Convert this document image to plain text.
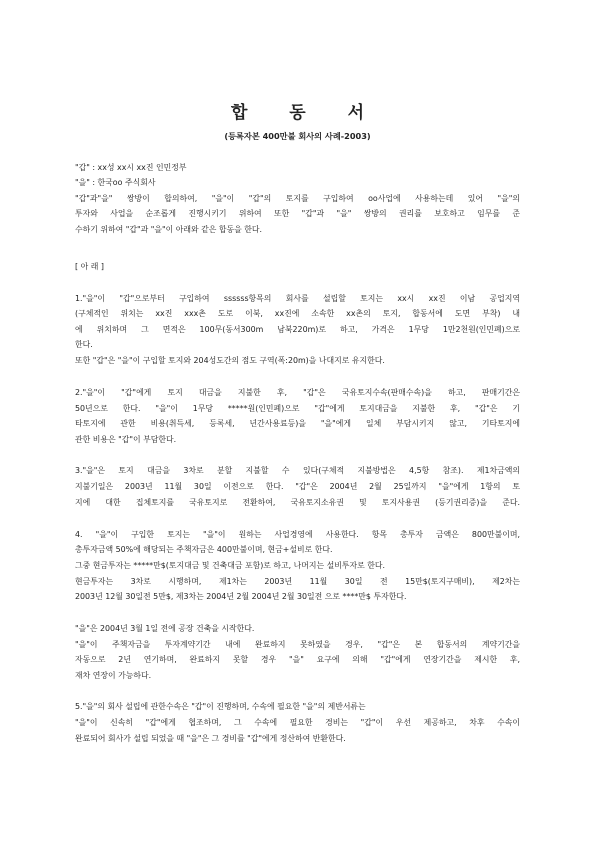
합 동 서
(등록자본 400만불 회사의 사례-2003)
"갑" : xx성 xx시 xx진 인민정부
"을" : 한국oo 주식회사
"갑"과"을" 쌍방이 합의하여, "을"이 "갑"의 토지를 구입하여 oo사업에 사용하는데 있어 "을"의
투자와 사업을 순조롭게 진행시키기 위하여 또한 "갑"과 "을" 쌍방의 권리를 보호하고 임무를 준
수하기 위하여 "갑"과 "을"이 아래와 같은 합동을 한다.
[ 아 래 ]
1."을"이 "갑"으로부터 구입하여 ssssss항목의 회사를 설립할 토지는 xx시 xx진 이남 공업지역
(구체적인 위치는 xx진 xxx촌 도로 이북, xx진에 소속한 xx촌의 토지, 합동서에 도면 부착) 내
에 위치하며 그 면적은 100무(동서300m 남북220m)로 하고, 가격은 1무당 1만2천원(인민폐)으로
한다.
또한 "갑"은 "을"이 구입할 토지와 204성도간의 점도 구역(폭:20m)을 나대지로 유지한다.
2."을"이 "갑"에게 토지 대금을 지불한 후, "갑"은 국유토지수속(판매수속)을 하고, 판매기간은
50년으로 한다. "을"이 1무당 *****원(인민폐)으로 "갑"에게 토지대금을 지불한 후, "갑"은 기
타토지에 관한 비용(취득세, 등록세, 년간사용료등)을 "을"에게 일체 부담시키지 않고, 기타토지에
관한 비용은 "갑"이 부담한다.
3."을"은 토지 대금을 3차로 분할 지불할 수 있다(구체적 지불방법은 4,5항 참조). 제1차금액의
지불기일은 2003년 11월 30일 이전으로 한다. "갑"은 2004년 2월 25일까지 "을"에게 1항의 토
지에 대한 집체토지를 국유토지로 전환하여, 국유토지소유권 및 토지사용권 (등기권리증)을 준다.
4. "을"이 구입한 토지는 "을"이 원하는 사업경영에 사용한다. 항목 총투자 금액은 800만불이며,
총투자금액 50%에 해당되는 주책자금은 400만불이며, 현금+설비로 한다.
그중 현금투자는 *****만$(토지대금 및 건축대금 포함)로 하고, 나머지는 설비투자로 한다.
현금투자는 3차로 시행하며, 제1차는 2003년 11월 30일 전 15만$(토지구매비), 제2차는
2003년 12월 30일전 5만$, 제3차는 2004년 2월 2004년 2월 30일전 으로 ****만$ 투자한다.
"을"은 2004년 3월 1일 전에 공장 건축을 시작한다.
"을"이 주책자금을 투자계약기간 내에 완료하지 못하였을 경우, "갑"은 본 합동서의 계약기간을
자동으로 2년 연기하며, 완료하지 못할 경우 "을" 요구에 의해 "갑"에게 연장기간을 제시한 후,
재차 연장이 가능하다.
5."을"의 회사 설립에 관한수속은 "갑"이 진행하며, 수속에 필요한 "을"의 제반서류는
"을"이 신속히 "갑"에게 협조하며, 그 수속에 필요한 경비는 "갑"이 우선 제공하고, 차후 수속이
완료되어 회사가 설립 되었을 때 "을"은 그 경비를 "갑"에게 정산하여 반환한다.
